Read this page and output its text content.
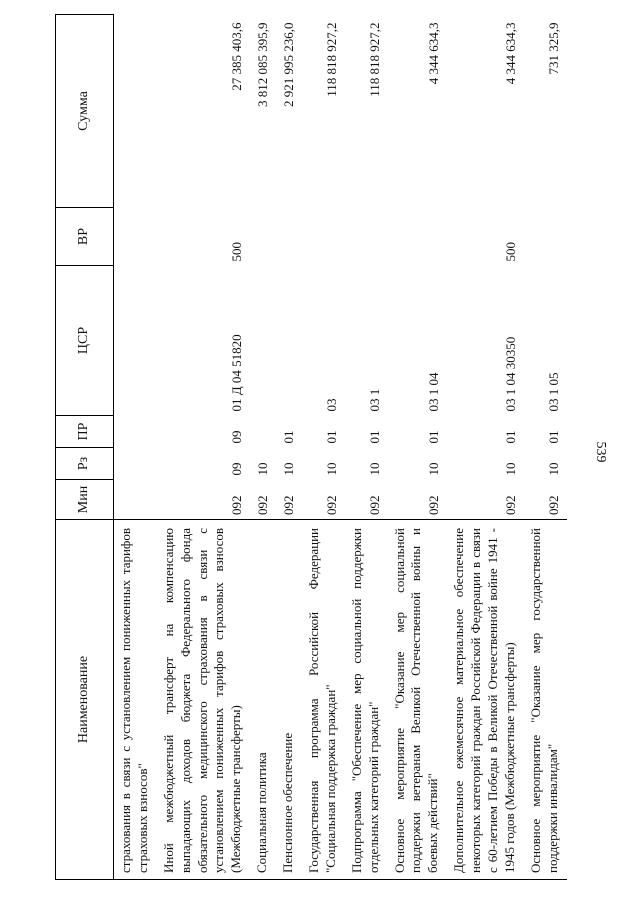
539
Наименование	Мин	Рз	ПР	ЦСР	ВР	Сумма
страхования в связи с установлением пониженных тарифов страховых взносов"						
Иной межбюджетный трансферт на компенсацию выпадающих доходов бюджета Федерального фонда обязательного медицинского страхования в связи с установлением пониженных тарифов страховых взносов (Межбюджетные трансферты)	092	09	09	01 Д 04 51820	500	27 385 403,6
Социальная политика	092	10				3 812 085 395,9
Пенсионное обеспечение	092	10	01			2 921 995 236,0
Государственная программа Российской Федерации "Социальная поддержка граждан"	092	10	01	03		118 818 927,2
Подпрограмма "Обеспечение мер социальной поддержки отдельных категорий граждан"	092	10	01	03 1		118 818 927,2
Основное мероприятие "Оказание мер социальной поддержки ветеранам Великой Отечественной войны и боевых действий"	092	10	01	03 1 04		4 344 634,3
Дополнительное ежемесячное материальное обеспечение некоторых категорий граждан Российской Федерации в связи с 60-летием Победы в Великой Отечественной войне 1941 - 1945 годов (Межбюджетные трансферты)	092	10	01	03 1 04 30350	500	4 344 634,3
Основное мероприятие "Оказание мер государственной поддержки инвалидам"	092	10	01	03 1 05		731 325,9
